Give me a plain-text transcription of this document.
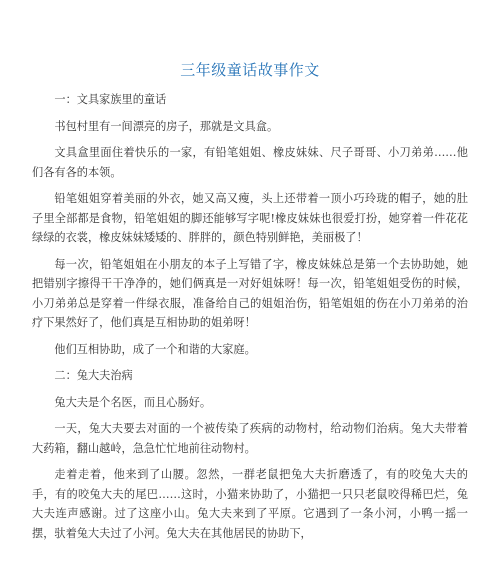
三年级童话故事作文

一：文具家族里的童话

书包村里有一间漂亮的房子，那就是文具盒。

文具盒里面住着快乐的一家，有铅笔姐姐、橡皮妹妹、尺子哥哥、小刀弟弟……他们各有各的本领。

铅笔姐姐穿着美丽的外衣，她又高又瘦，头上还带着一顶小巧玲珑的帽子，她的肚子里全部都是食物，铅笔姐姐的脚还能够写字呢!橡皮妹妹也很爱打扮，她穿着一件花花绿绿的衣裳，橡皮妹妹矮矮的、胖胖的，颜色特别鲜艳，美丽极了！

每一次，铅笔姐姐在小朋友的本子上写错了字，橡皮妹妹总是第一个去协助她，她把错别字擦得干干净净的，她们俩真是一对好姐妹呀！每一次，铅笔姐姐受伤的时候，小刀弟弟总是穿着一件绿衣服，准备给自己的姐姐治伤，铅笔姐姐的伤在小刀弟弟的治疗下果然好了，他们真是互相协助的姐弟呀！

他们互相协助，成了一个和谐的大家庭。

二：兔大夫治病

兔大夫是个名医，而且心肠好。

一天，兔大夫要去对面的一个被传染了疾病的动物村，给动物们治病。兔大夫带着大药箱，翻山越岭，急急忙忙地前往动物村。

走着走着，他来到了山腰。忽然，一群老鼠把兔大夫折磨透了，有的咬兔大夫的手，有的咬兔大夫的尾巴……这时，小猫来协助了，小猫把一只只老鼠咬得稀巴烂，兔大夫连声感谢。过了这座小山。兔大夫来到了平原。它遇到了一条小河，小鸭一摇一摆，驮着兔大夫过了小河。兔大夫在其他居民的协助下，
